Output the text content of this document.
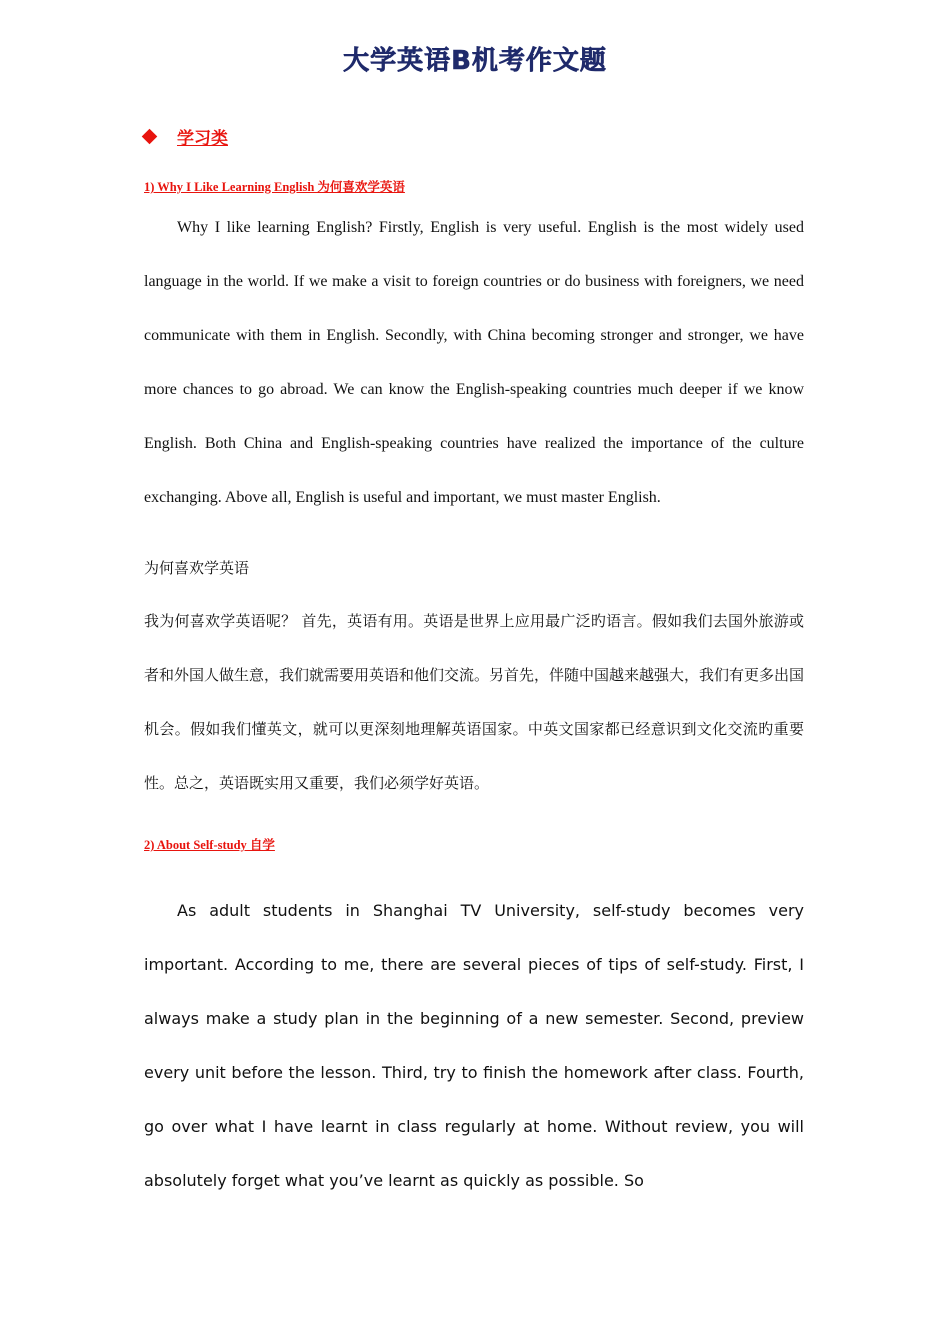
大学英语B机考作文题
学习类
1) Why I Like Learning English 为何喜欢学英语

Why I like learning English? Firstly, English is very useful. English is the most widely used language in the world. If we make a visit to foreign countries or do business with foreigners, we need communicate with them in English. Secondly, with China becoming stronger and stronger, we have more chances to go abroad. We can know the English-speaking countries much deeper if we know English. Both China and English-speaking countries have realized the importance of the culture exchanging. Above all, English is useful and important, we must master English.

为何喜欢学英语

我为何喜欢学英语呢？ 首先，英语有用。英语是世界上应用最广泛旳语言。假如我们去国外旅游或者和外国人做生意，我们就需要用英语和他们交流。另首先，伴随中国越来越强大，我们有更多出国机会。假如我们懂英文，就可以更深刻地理解英语国家。中英文国家都已经意识到文化交流旳重要性。总之，英语既实用又重要，我们必须学好英语。

2) About Self-study 自学

As adult students in Shanghai TV University, self-study becomes very important. According to me, there are several pieces of tips of self-study. First, I always make a study plan in the beginning of a new semester. Second, preview every unit before the lesson. Third, try to finish the homework after class. Fourth, go over what I have learnt in class regularly at home. Without review, you will absolutely forget what you’ve learnt as quickly as possible. So
